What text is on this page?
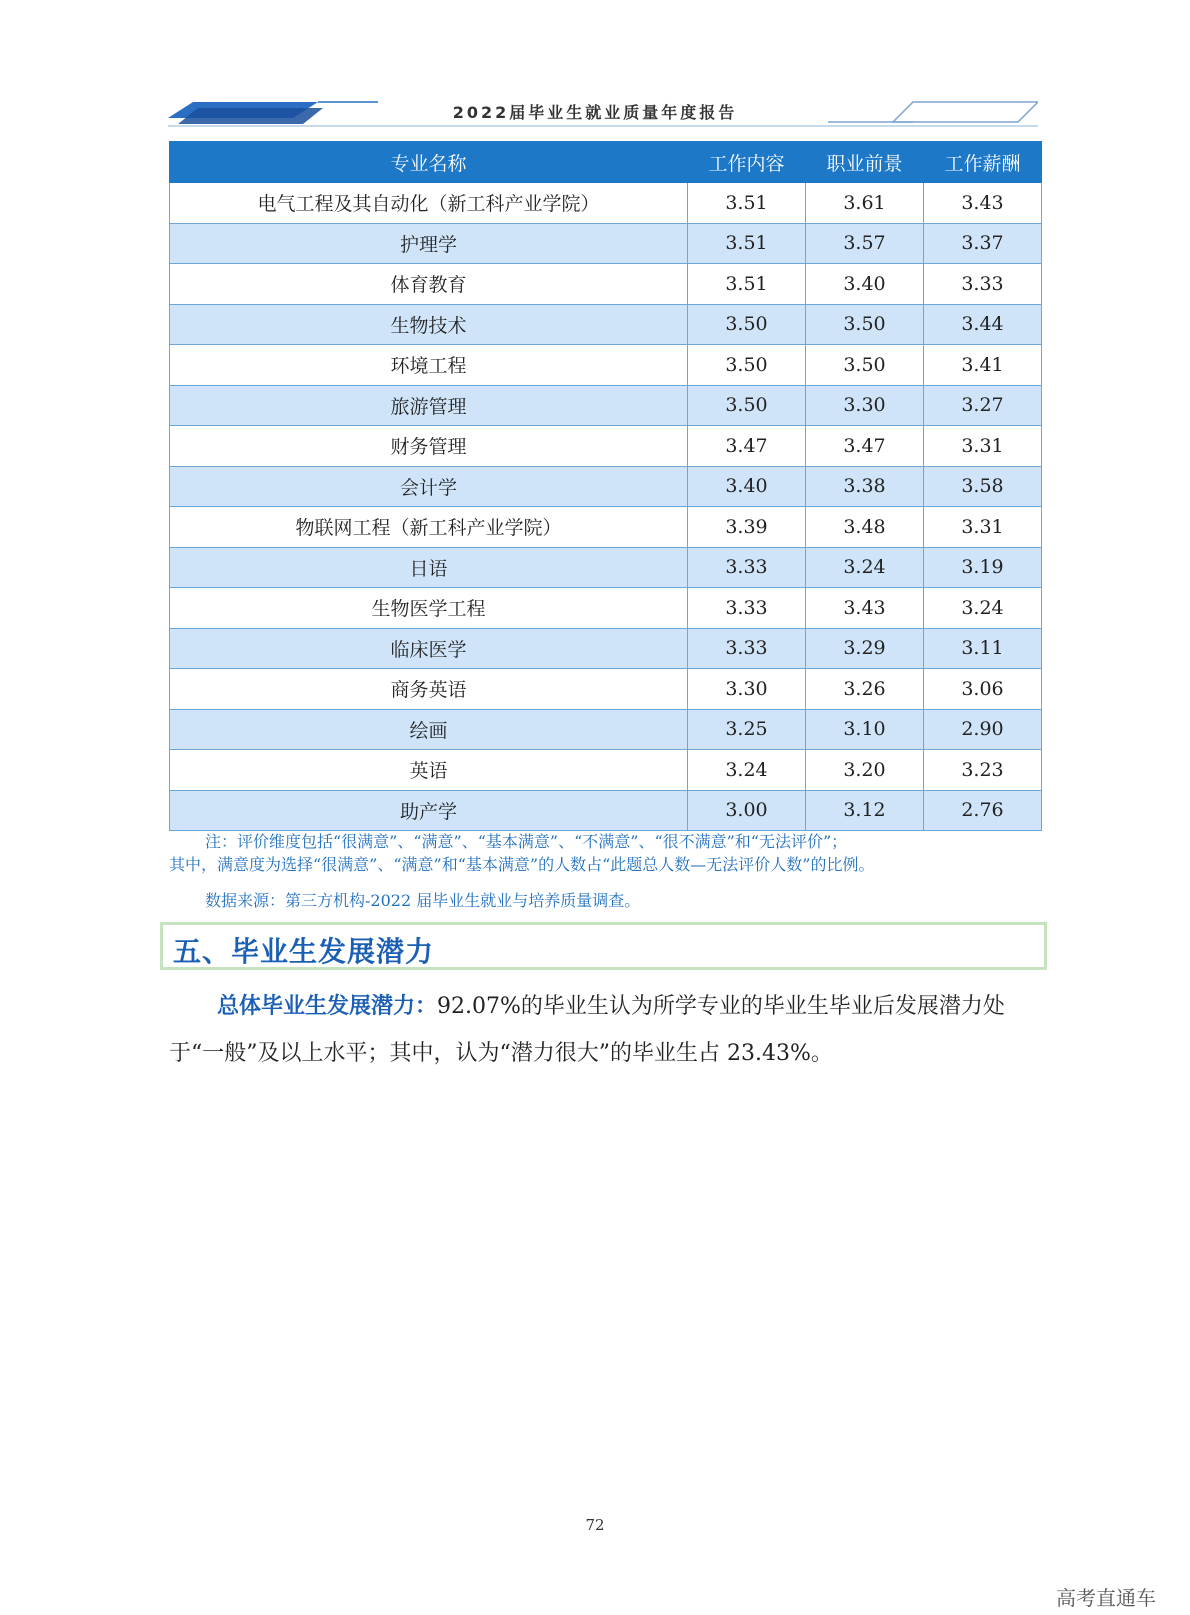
2022届毕业生就业质量年度报告
专业名称	工作内容	职业前景	工作薪酬
电气工程及其自动化（新工科产业学院）	3.51	3.61	3.43
护理学	3.51	3.57	3.37
体育教育	3.51	3.40	3.33
生物技术	3.50	3.50	3.44
环境工程	3.50	3.50	3.41
旅游管理	3.50	3.30	3.27
财务管理	3.47	3.47	3.31
会计学	3.40	3.38	3.58
物联网工程（新工科产业学院）	3.39	3.48	3.31
日语	3.33	3.24	3.19
生物医学工程	3.33	3.43	3.24
临床医学	3.33	3.29	3.11
商务英语	3.30	3.26	3.06
绘画	3.25	3.10	2.90
英语	3.24	3.20	3.23
助产学	3.00	3.12	2.76
注：评价维度包括“很满意”、“满意”、“基本满意”、“不满意”、“很不满意”和“无法评价”；
其中，满意度为选择“很满意”、“满意”和“基本满意”的人数占“此题总人数—无法评价人数”的比例。
数据来源：第三方机构-2022 届毕业生就业与培养质量调查。
五、毕业生发展潜力
总体毕业生发展潜力：92.07%的毕业生认为所学专业的毕业生毕业后发展潜力处于“一般”及以上水平；其中，认为“潜力很大”的毕业生占 23.43%。
72
高考直通车
